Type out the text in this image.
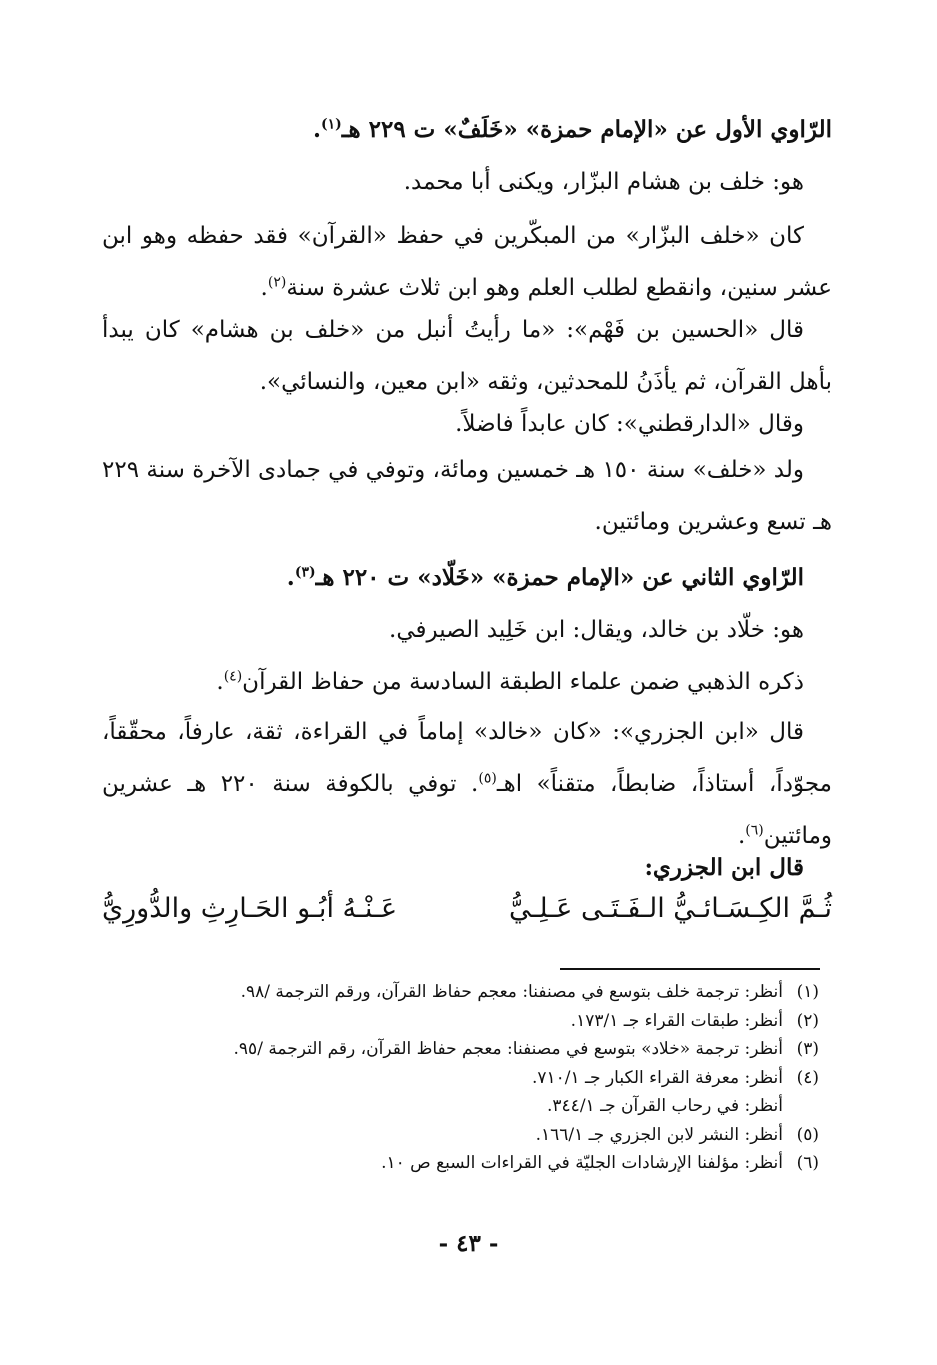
الرّاوي الأول عن «الإمام حمزة» «خَلَفٌ» ت ٢٢٩ هـ$^{(١)}$.
هو: خلف بن هشام البزّار، ويكنى أبا محمد.
كان «خلف البزّار» من المبكّرين في حفظ «القرآن» فقد حفظه وهو ابن عشر سنين، وانقطع لطلب العلم وهو ابن ثلاث عشرة سنة$^{(٢)}$.
قال «الحسين بن فَهْم»: «ما رأيتُ أنبل من «خلف بن هشام» كان يبدأ بأهل القرآن، ثم يأذَنُ للمحدثين، وثقه «ابن معين، والنسائي».
وقال «الدارقطني»: كان عابداً فاضلاً.
ولد «خلف» سنة ١٥٠ هـ خمسين ومائة، وتوفي في جمادى الآخرة سنة ٢٢٩ هـ تسع وعشرين ومائتين.
الرّاوي الثاني عن «الإمام حمزة» «خَلّاد» ت ٢٢٠ هـ$^{(٣)}$.
هو: خلّاد بن خالد، ويقال: ابن خَلِيد الصيرفي.
ذكره الذهبي ضمن علماء الطبقة السادسة من حفاظ القرآن$^{(٤)}$.
قال «ابن الجزري»: «كان «خالد» إماماً في القراءة، ثقة، عارفاً، محقّقاً، مجوّداً، أستاذاً، ضابطاً، متقناً» اهـ$^{(٥)}$. توفي بالكوفة سنة ٢٢٠ هـ عشرين ومائتين$^{(٦)}$.
قال ابن الجزري:
ثُـمَّ الكِـسَـائـيُّ الـفَـتَـى عَـلِـيُّ
عَـنْـهُ أبُـو الحَـارِثِ والدُّورِيُّ
(١)
أنظر: ترجمة خلف بتوسع في مصنفنا: معجم حفاظ القرآن، ورقم الترجمة /٩٨.
(٢)
أنظر: طبقات القراء جـ ١٧٣/١.
(٣)
أنظر: ترجمة «خلاد» بتوسع في مصنفنا: معجم حفاظ القرآن، رقم الترجمة /٩٥.
(٤)
أنظر: معرفة القراء الكبار جـ ٧١٠/١.
أنظر: في رحاب القرآن جـ ٣٤٤/١.
(٥)
أنظر: النشر لابن الجزري جـ ١٦٦/١.
(٦)
أنظر: مؤلفنا الإرشادات الجليّة في القراءات السبع ص ١٠.
- ٤٣ -
